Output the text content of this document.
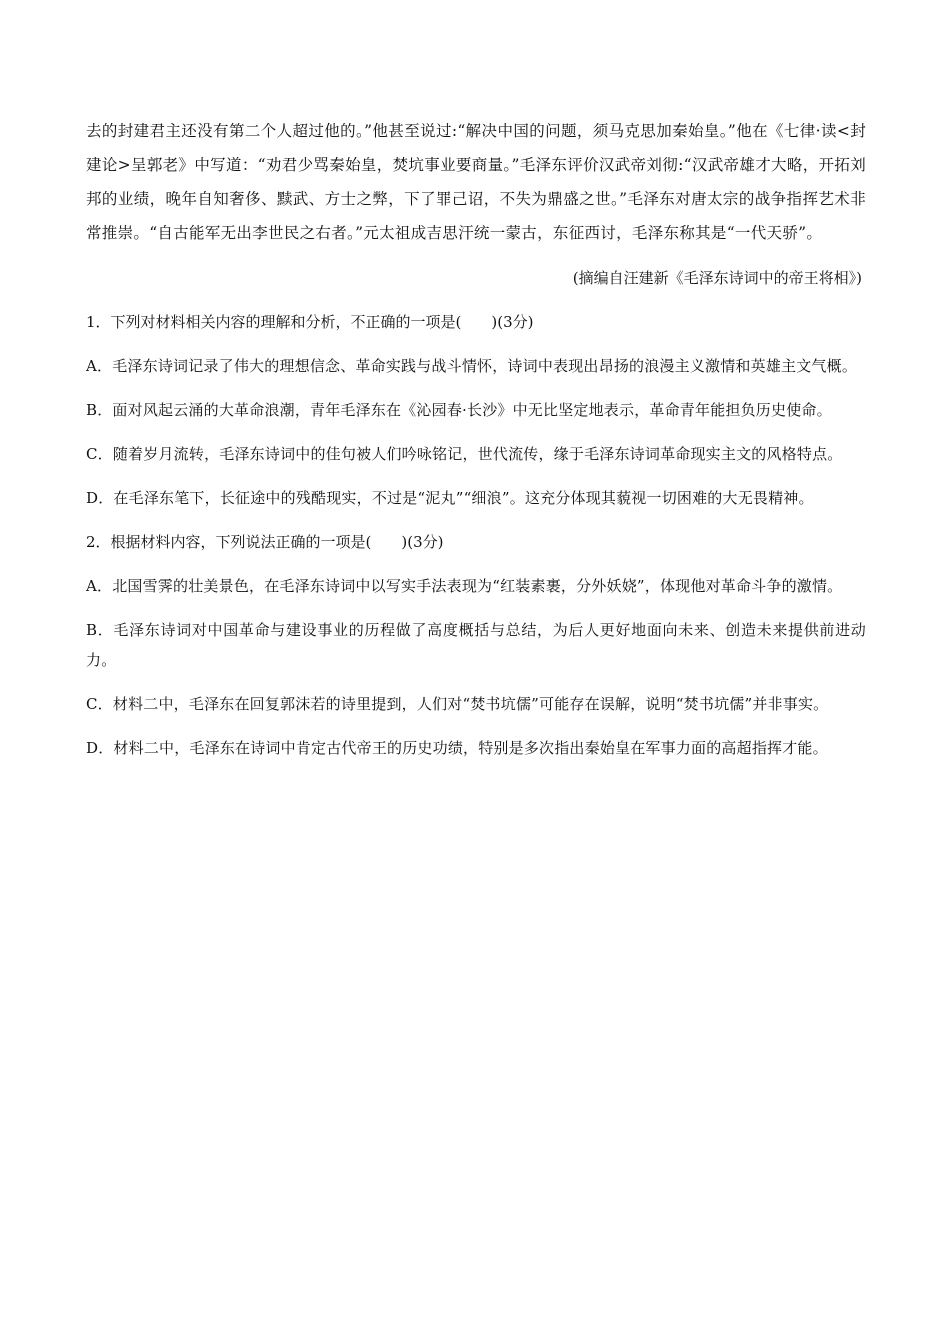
去的封建君主还没有第二个人超过他的。”他甚至说过:“解决中国的问题，须马克思加秦始皇。”他在《七律·读<封建论>呈郭老》中写道：“劝君少骂秦始皇，焚坑事业要商量。”毛泽东评价汉武帝刘彻:“汉武帝雄才大略，开拓刘邦的业绩，晚年自知奢侈、黩武、方士之弊，下了罪己诏，不失为鼎盛之世。”毛泽东对唐太宗的战争指挥艺术非常推崇。“自古能军无出李世民之右者。”元太祖成吉思汗统一蒙古，东征西讨，毛泽东称其是“一代天骄”。

(摘编自汪建新《毛泽东诗词中的帝王将相》)
1．下列对材料相关内容的理解和分析，不正确的一项是(　　)(3分)
A．毛泽东诗词记录了伟大的理想信念、革命实践与战斗情怀，诗词中表现出昂扬的浪漫主义激情和英雄主文气概。
B．面对风起云涌的大革命浪潮，青年毛泽东在《沁园春·长沙》中无比坚定地表示，革命青年能担负历史使命。
C．随着岁月流转，毛泽东诗词中的佳句被人们吟咏铭记，世代流传，缘于毛泽东诗词革命现实主文的风格特点。
D．在毛泽东笔下，长征途中的残酷现实，不过是“泥丸”“细浪”。这充分体现其藐视一切困难的大无畏精神。
2．根据材料内容，下列说法正确的一项是(　　)(3分)
A．北国雪霁的壮美景色，在毛泽东诗词中以写实手法表现为“红装素裹，分外妖娆”，体现他对革命斗争的激情。
B．毛泽东诗词对中国革命与建设事业的历程做了高度概括与总结，为后人更好地面向未来、创造未来提供前进动力。
C．材料二中，毛泽东在回复郭沫若的诗里提到，人们对“焚书坑儒”可能存在误解，说明“焚书坑儒”并非事实。
D．材料二中，毛泽东在诗词中肯定古代帝王的历史功绩，特别是多次指出秦始皇在军事力面的高超指挥才能。
